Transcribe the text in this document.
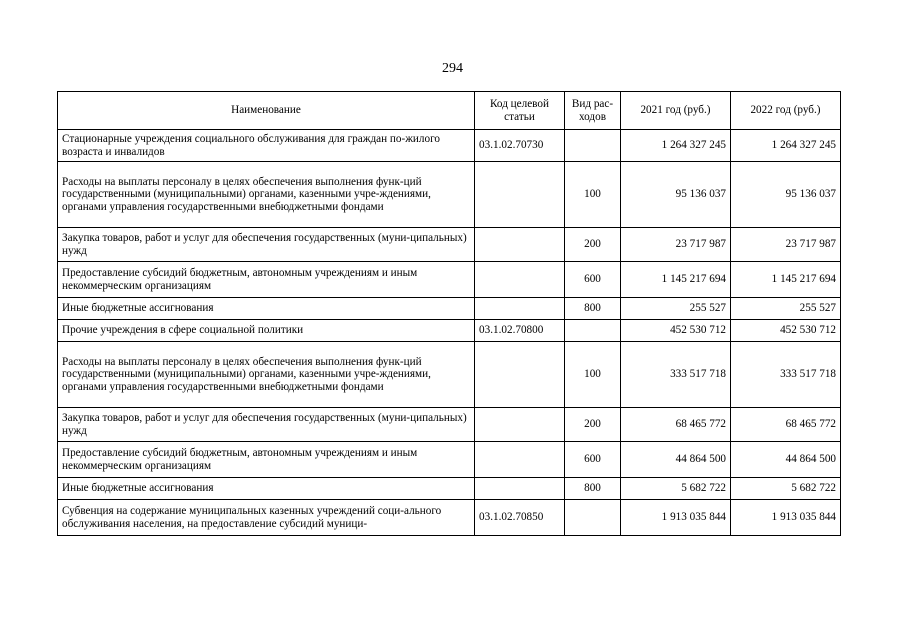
294
Наименование	Код целевой статьи	Вид рас-ходов	2021 год (руб.)	2022 год (руб.)
Стационарные учреждения социального обслуживания для граждан по-жилого возраста и инвалидов	03.1.02.70730		1 264 327 245	1 264 327 245
Расходы на выплаты персоналу в целях обеспечения выполнения функ-ций государственными (муниципальными) органами, казенными учре-ждениями, органами управления государственными внебюджетными фондами		100	95 136 037	95 136 037
Закупка товаров, работ и услуг для обеспечения государственных (муни-ципальных) нужд		200	23 717 987	23 717 987
Предоставление субсидий бюджетным, автономным учреждениям и иным некоммерческим организациям		600	1 145 217 694	1 145 217 694
Иные бюджетные ассигнования		800	255 527	255 527
Прочие учреждения в сфере социальной политики	03.1.02.70800		452 530 712	452 530 712
Расходы на выплаты персоналу в целях обеспечения выполнения функ-ций государственными (муниципальными) органами, казенными учре-ждениями, органами управления государственными внебюджетными фондами		100	333 517 718	333 517 718
Закупка товаров, работ и услуг для обеспечения государственных (муни-ципальных) нужд		200	68 465 772	68 465 772
Предоставление субсидий бюджетным, автономным учреждениям и иным некоммерческим организациям		600	44 864 500	44 864 500
Иные бюджетные ассигнования		800	5 682 722	5 682 722
Субвенция на содержание муниципальных казенных учреждений соци-ального обслуживания населения, на предоставление субсидий муници-	03.1.02.70850		1 913 035 844	1 913 035 844
